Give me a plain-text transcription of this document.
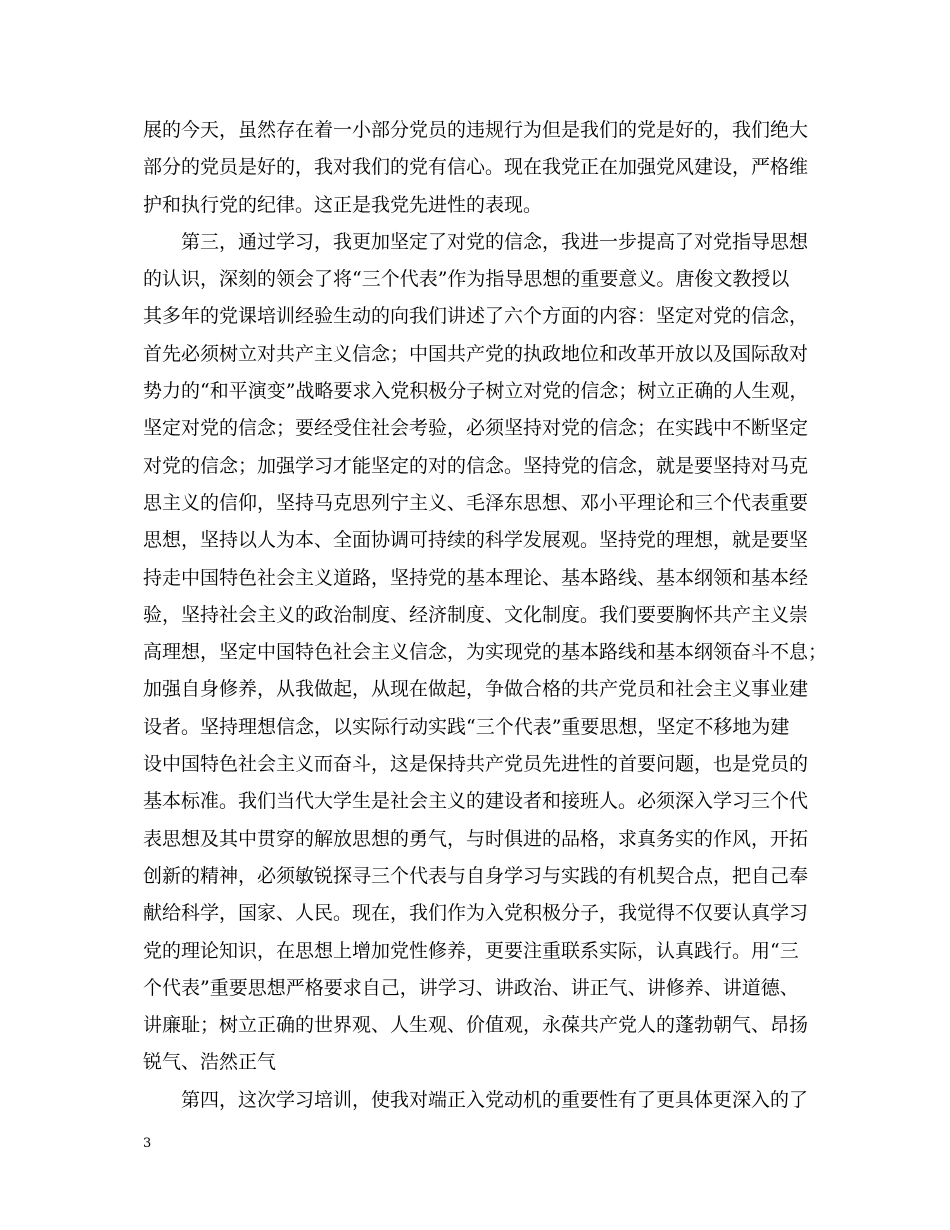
展的今天，虽然存在着一小部分党员的违规行为但是我们的党是好的，我们绝大
部分的党员是好的，我对我们的党有信心。现在我党正在加强党风建设，严格维
护和执行党的纪律。这正是我党先进性的表现。
　　第三，通过学习，我更加坚定了对党的信念，我进一步提高了对党指导思想
的认识，深刻的领会了将“三个代表”作为指导思想的重要意义。唐俊文教授以
其多年的党课培训经验生动的向我们讲述了六个方面的内容：坚定对党的信念，
首先必须树立对共产主义信念；中国共产党的执政地位和改革开放以及国际敌对
势力的“和平演变”战略要求入党积极分子树立对党的信念；树立正确的人生观，
坚定对党的信念；要经受住社会考验，必须坚持对党的信念；在实践中不断坚定
对党的信念；加强学习才能坚定的对的信念。坚持党的信念，就是要坚持对马克
思主义的信仰，坚持马克思列宁主义、毛泽东思想、邓小平理论和三个代表重要
思想，坚持以人为本、全面协调可持续的科学发展观。坚持党的理想，就是要坚
持走中国特色社会主义道路，坚持党的基本理论、基本路线、基本纲领和基本经
验，坚持社会主义的政治制度、经济制度、文化制度。我们要要胸怀共产主义崇
高理想，坚定中国特色社会主义信念，为实现党的基本路线和基本纲领奋斗不息；
加强自身修养，从我做起，从现在做起，争做合格的共产党员和社会主义事业建
设者。坚持理想信念，以实际行动实践“三个代表”重要思想，坚定不移地为建
设中国特色社会主义而奋斗，这是保持共产党员先进性的首要问题，也是党员的
基本标准。我们当代大学生是社会主义的建设者和接班人。必须深入学习三个代
表思想及其中贯穿的解放思想的勇气，与时俱进的品格，求真务实的作风，开拓
创新的精神，必须敏锐探寻三个代表与自身学习与实践的有机契合点，把自己奉
献给科学，国家、人民。现在，我们作为入党积极分子，我觉得不仅要认真学习
党的理论知识，在思想上增加党性修养，更要注重联系实际，认真践行。用“三
个代表”重要思想严格要求自己，讲学习、讲政治、讲正气、讲修养、讲道德、
讲廉耻；树立正确的世界观、人生观、价值观，永葆共产党人的蓬勃朝气、昂扬
锐气、浩然正气
　　第四，这次学习培训，使我对端正入党动机的重要性有了更具体更深入的了
3
